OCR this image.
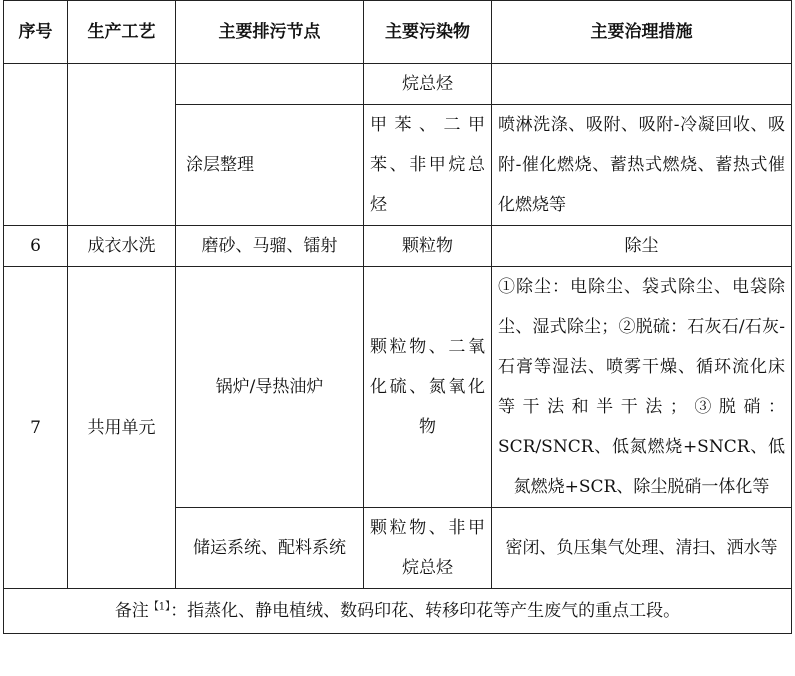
序号	生产工艺	主要排污节点	主要污染物	主要治理措施
			烷总烃	
		涂层整理	甲苯、二甲苯、非甲烷总烃	喷淋洗涤、吸附、吸附-冷凝回收、吸附-催化燃烧、蓄热式燃烧、蓄热式催化燃烧等
6	成衣水洗	磨砂、马骝、镭射	颗粒物	除尘
7	共用单元	锅炉/导热油炉	颗粒物、二氧化硫、氮氧化物	①除尘：电除尘、袋式除尘、电袋除尘、湿式除尘；②脱硫：石灰石/石灰-石膏等湿法、喷雾干燥、循环流化床等干法和半干法；③脱硝：SCR/SNCR、低氮燃烧+SNCR、低氮燃烧+SCR、除尘脱硝一体化等
		储运系统、配料系统	颗粒物、非甲烷总烃	密闭、负压集气处理、清扫、洒水等
备注$^{【1】}$：指蒸化、静电植绒、数码印花、转移印花等产生废气的重点工段。				
